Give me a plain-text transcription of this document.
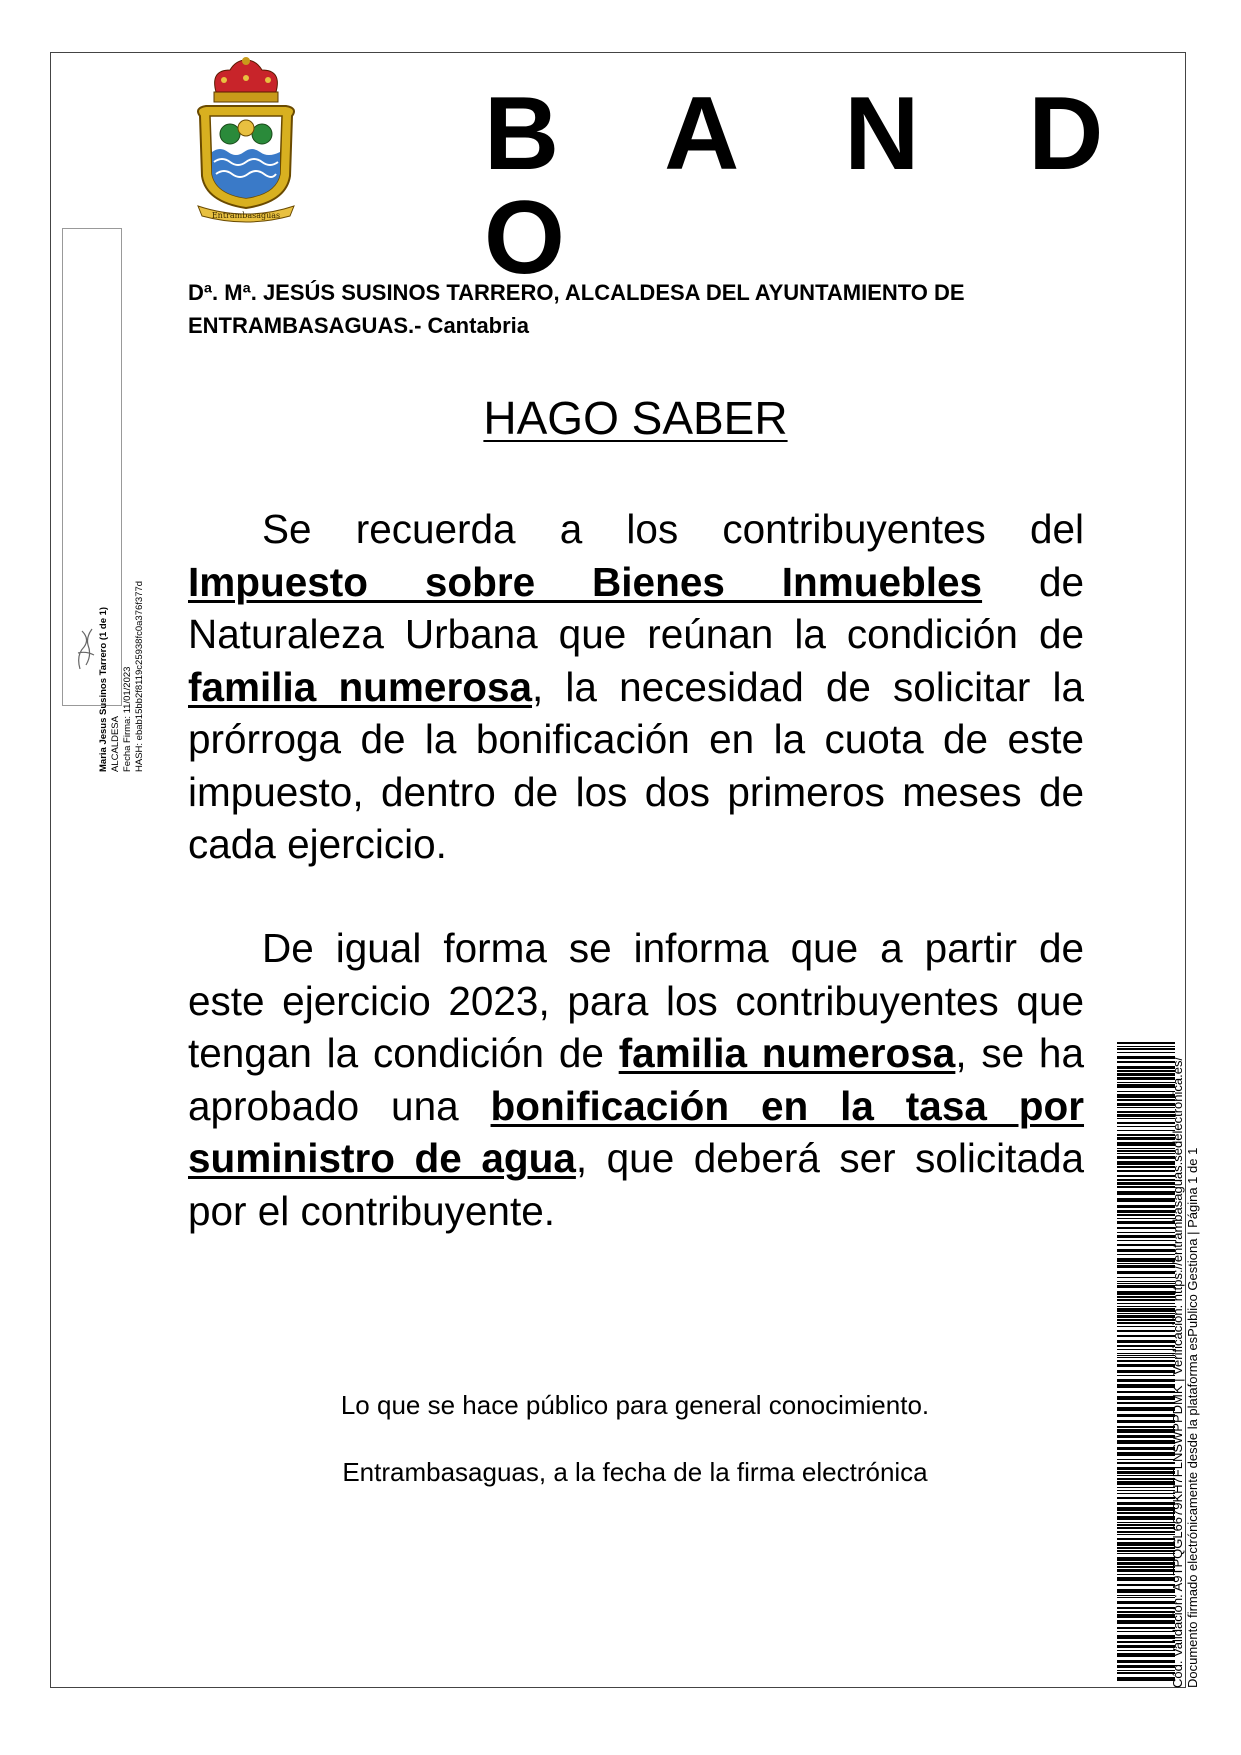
Entrambasaguas
B A N D O
Dª. Mª. JESÚS SUSINOS TARRERO, ALCALDESA DEL AYUNTAMIENTO DE
ENTRAMBASAGUAS.- Cantabria
HAGO SABER

Se recuerda a los contribuyentes del Impuesto sobre Bienes Inmuebles de Naturaleza Urbana que reúnan la condición de familia numerosa, la necesidad de solicitar la prórroga de la bonificación en la cuota de este impuesto, dentro de los dos primeros meses de cada ejercicio.

De igual forma se informa que a partir de este ejercicio 2023, para los contribuyentes que tengan la condición de familia numerosa, se ha aprobado una bonificación en la tasa por suministro de agua, que deberá ser solicitada por el contribuyente.

Lo que se hace público para general conocimiento.

Entrambasaguas, a la fecha de la firma electrónica

Maria Jesus Susinos Tarrero (1 de 1) ALCALDESA Fecha Firma: 11/01/2023 HASH: ebab15bb2f8119c25938fc0a376f377d
Cód. Validación: A9TPQGL6679KH7FLNSWPPDMK | Verificación: https://entrambasaguas.sedelectronica.es/ Documento firmado electrónicamente desde la plataforma esPublico Gestiona | Página 1 de 1
